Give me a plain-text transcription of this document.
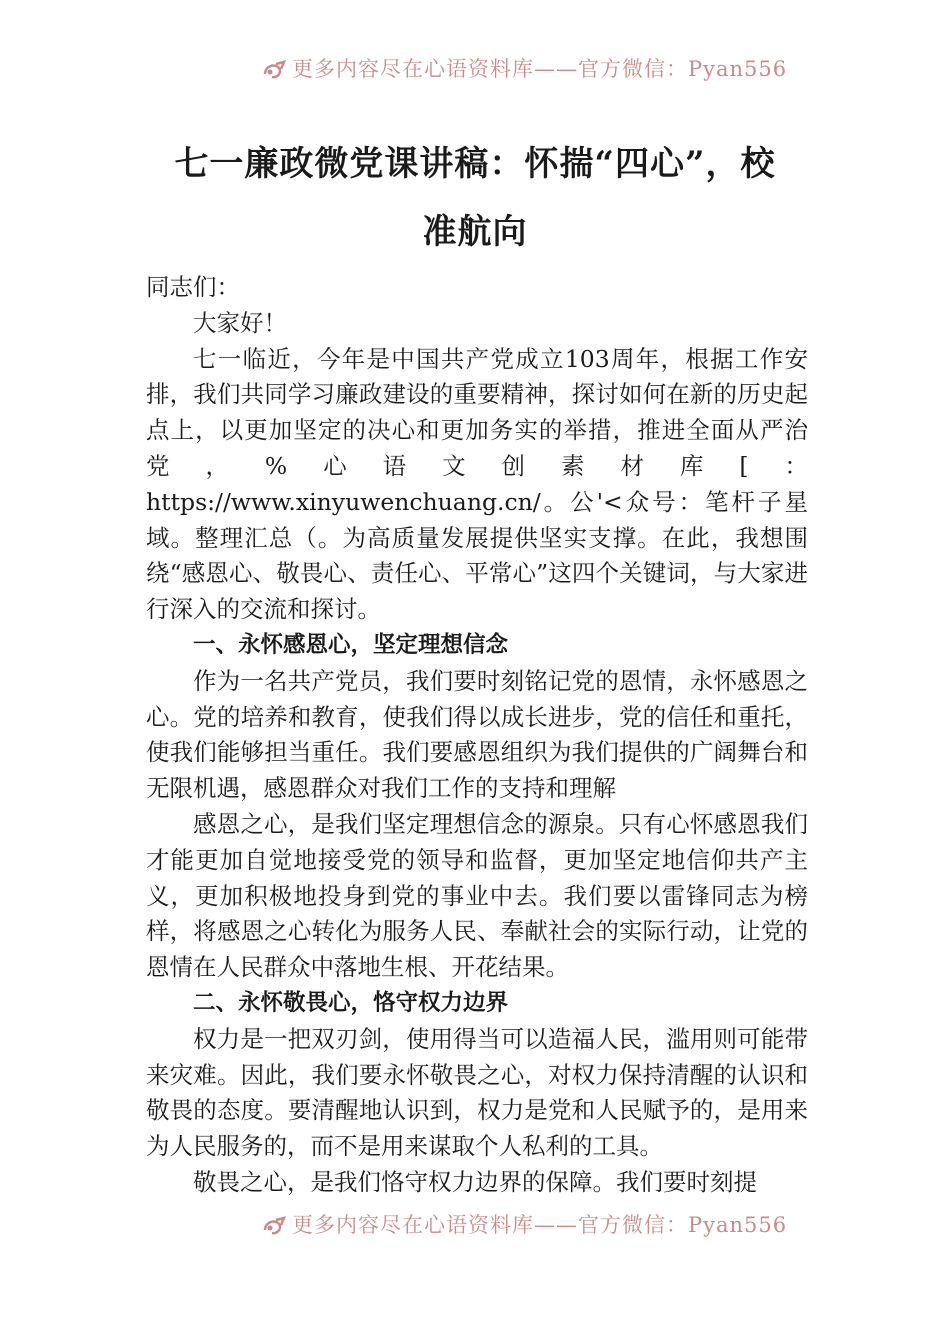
更多内容尽在心语资料库——官方微信：Pyan556
七一廉政微党课讲稿：怀揣“四心”，校
准航向

同志们：

大家好！

七一临近，今年是中国共产党成立103周年，根据工作安排，我们共同学习廉政建设的重要精神，探讨如何在新的历史起点上，以更加坚定的决心和更加务实的举措，推进全面从严治党，%心语文创素材库[：https://www.xinyuwenchuang.cn/。公'<众号：笔杆子星域。整理汇总（。为高质量发展提供坚实支撑。在此，我想围绕“感恩心、敬畏心、责任心、平常心”这四个关键词，与大家进行深入的交流和探讨。

一、永怀感恩心，坚定理想信念

作为一名共产党员，我们要时刻铭记党的恩情，永怀感恩之心。党的培养和教育，使我们得以成长进步，党的信任和重托，使我们能够担当重任。我们要感恩组织为我们提供的广阔舞台和无限机遇，感恩群众对我们工作的支持和理解

感恩之心，是我们坚定理想信念的源泉。只有心怀感恩我们才能更加自觉地接受党的领导和监督，更加坚定地信仰共产主义，更加积极地投身到党的事业中去。我们要以雷锋同志为榜样，将感恩之心转化为服务人民、奉献社会的实际行动，让党的恩情在人民群众中落地生根、开花结果。

二、永怀敬畏心，恪守权力边界

权力是一把双刃剑，使用得当可以造福人民，滥用则可能带来灾难。因此，我们要永怀敬畏之心，对权力保持清醒的认识和敬畏的态度。要清醒地认识到，权力是党和人民赋予的，是用来为人民服务的，而不是用来谋取个人私利的工具。

敬畏之心，是我们恪守权力边界的保障。我们要时刻提

更多内容尽在心语资料库——官方微信：Pyan556
